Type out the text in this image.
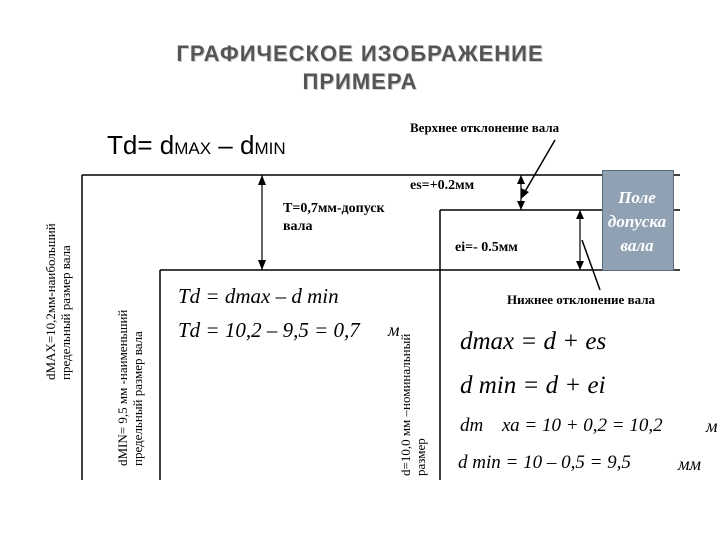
ГРАФИЧЕСКОЕ ИЗОБРАЖЕНИЕ
ПРИМЕРА
Td= dMAX – dMIN
Верхнее отклонение вала
Поле
допуска
вала
es=+0.2мм
ei=- 0.5мм
Т=0,7мм-допуск
вала
Нижнее отклонение вала
dMAX=10,2мм-наибольший предельный размер вала	dMIN= 9,5 мм -наименьший предельный размер вала	d=10,0 мм –номинальный размер
Td = dmax – d min
Td = 10,2 – 9,5 = 0,7 м dmax = d + es
d min = d + ei
dm ха = 10 + 0,2 = 10,2 м
d min = 10 – 0,5 = 9,5	мм
